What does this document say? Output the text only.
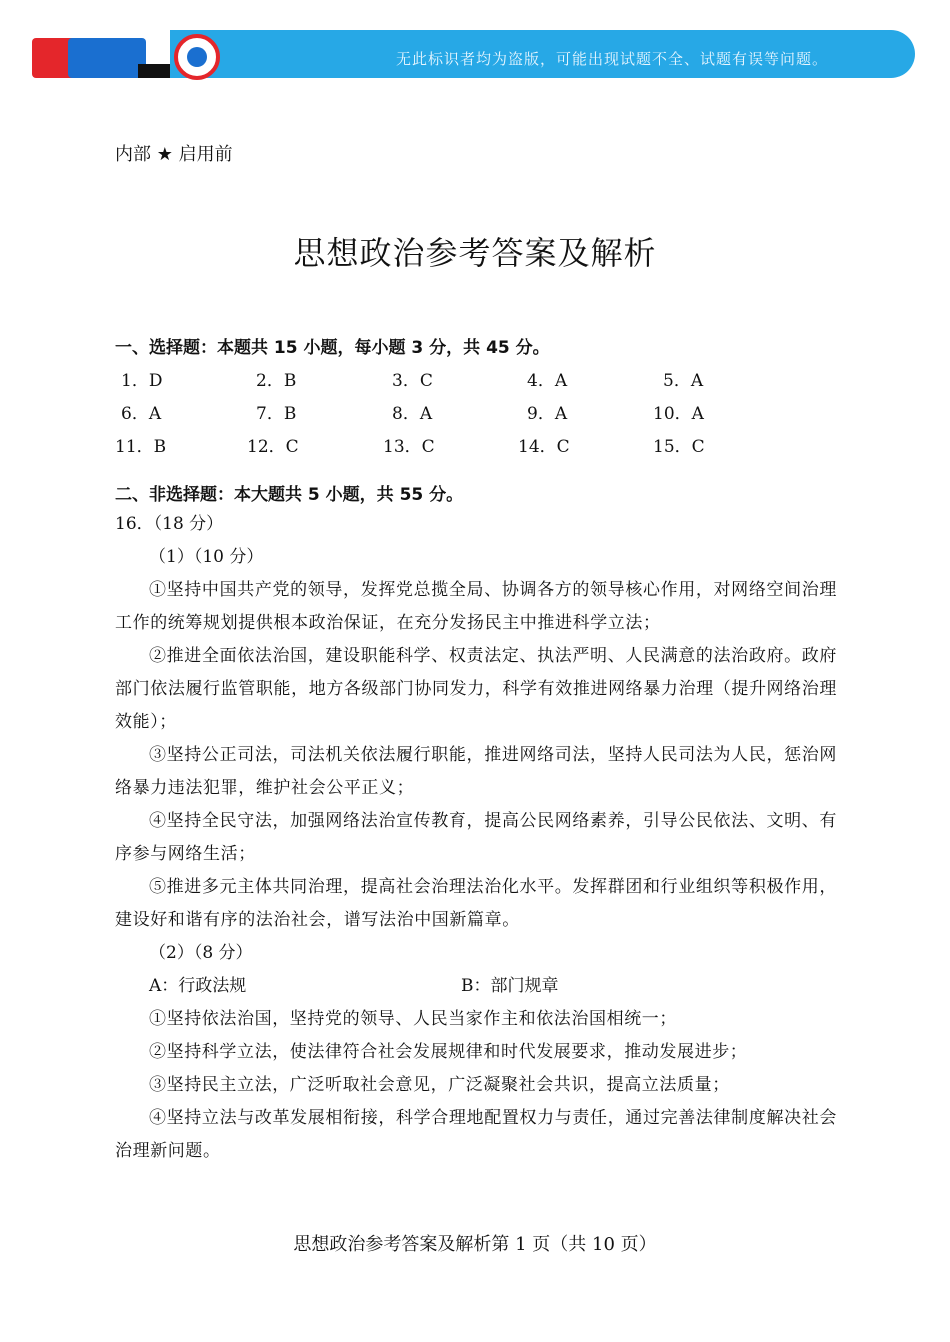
无此标识者均为盗版，可能出现试题不全、试题有误等问题。
内部 ★ 启用前
思想政治参考答案及解析
一、选择题：本题共 15 小题，每小题 3 分，共 45 分。
1．D	2．B	3．C	4．A	5．A
6．A	7．B	8．A	9．A	10．A
11．B	12．C	13．C	14．C	15．C
二、非选择题：本大题共 5 小题，共 55 分。
16．（18 分）
（1）（10 分）
①坚持中国共产党的领导，发挥党总揽全局、协调各方的领导核心作用，对网络空间治理工作的统筹规划提供根本政治保证，在充分发扬民主中推进科学立法；
②推进全面依法治国，建设职能科学、权责法定、执法严明、人民满意的法治政府。政府部门依法履行监管职能，地方各级部门协同发力，科学有效推进网络暴力治理（提升网络治理效能）；
③坚持公正司法，司法机关依法履行职能，推进网络司法，坚持人民司法为人民，惩治网络暴力违法犯罪，维护社会公平正义；
④坚持全民守法，加强网络法治宣传教育，提高公民网络素养，引导公民依法、文明、有序参与网络生活；
⑤推进多元主体共同治理，提高社会治理法治化水平。发挥群团和行业组织等积极作用，建设好和谐有序的法治社会，谱写法治中国新篇章。
（2）（8 分）
A：行政法规	B：部门规章
①坚持依法治国，坚持党的领导、人民当家作主和依法治国相统一；
②坚持科学立法，使法律符合社会发展规律和时代发展要求，推动发展进步；
③坚持民主立法，广泛听取社会意见，广泛凝聚社会共识，提高立法质量；
④坚持立法与改革发展相衔接，科学合理地配置权力与责任，通过完善法律制度解决社会治理新问题。
思想政治参考答案及解析第 1 页（共 10 页）
